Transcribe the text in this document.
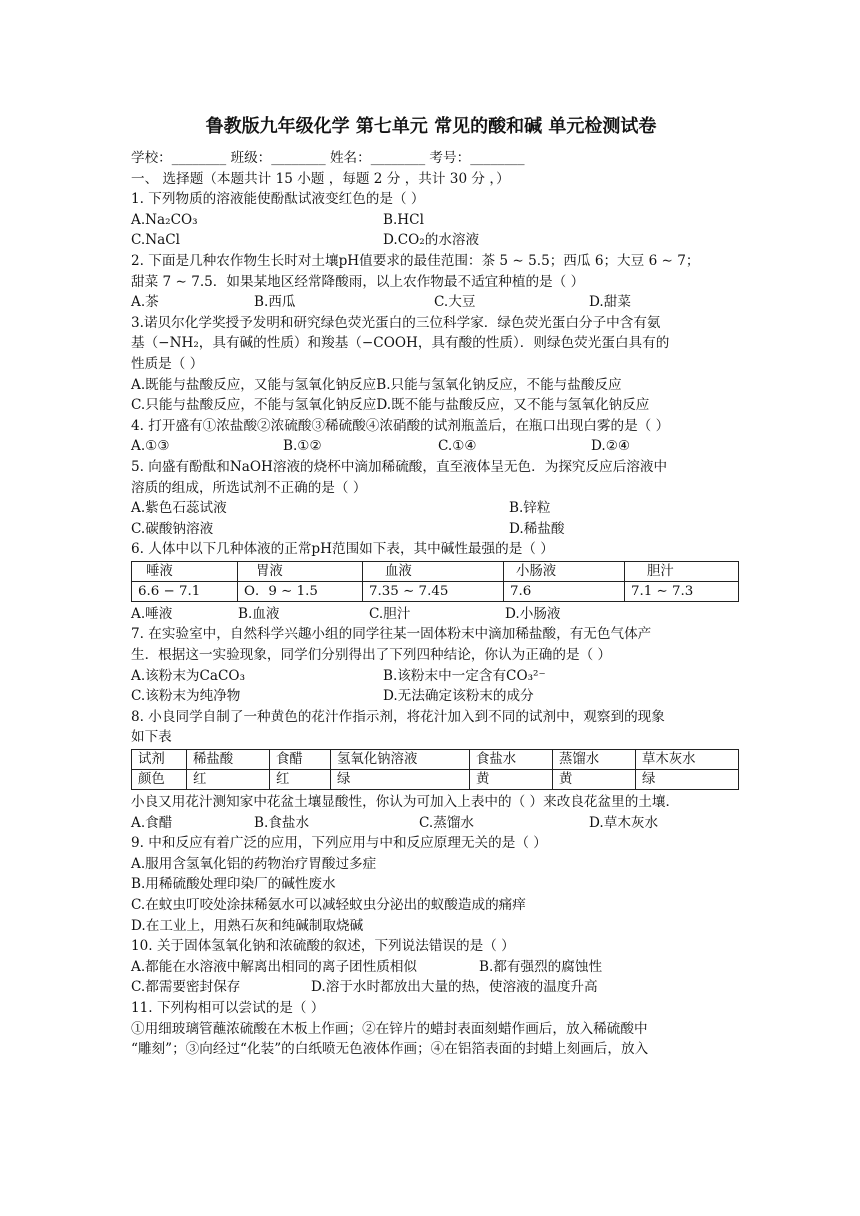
鲁教版九年级化学 第七单元 常见的酸和碱 单元检测试卷
学校：________ 班级：________ 姓名：________ 考号：________
一、 选择题（本题共计 15 小题 ，每题 2 分 ，共计 30 分 ，）
1. 下列物质的溶液能使酚酞试液变红色的是（ ）
A.Na₂CO₃	B.HCl
C.NaCl	D.CO₂的水溶液
2. 下面是几种农作物生长时对土壤pH值要求的最佳范围：茶 5 ∼ 5.5；西瓜 6；大豆 6 ∼ 7；
甜菜 7 ∼ 7.5．如果某地区经常降酸雨，以上农作物最不适宜种植的是（ ）
A.茶	B.西瓜	C.大豆	D.甜菜
3.诺贝尔化学奖授予发明和研究绿色荧光蛋白的三位科学家．绿色荧光蛋白分子中含有氨
基（−NH₂，具有碱的性质）和羧基（−COOH，具有酸的性质）．则绿色荧光蛋白具有的
性质是（ ）
A.既能与盐酸反应，又能与氢氧化钠反应B.只能与氢氧化钠反应，不能与盐酸反应
C.只能与盐酸反应，不能与氢氧化钠反应D.既不能与盐酸反应，又不能与氢氧化钠反应
4. 打开盛有①浓盐酸②浓硫酸③稀硫酸④浓硝酸的试剂瓶盖后，在瓶口出现白雾的是（ ）
A.①③	B.①②	C.①④	D.②④
5. 向盛有酚酞和NaOH溶液的烧杯中滴加稀硫酸，直至液体呈无色．为探究反应后溶液中
溶质的组成，所选试剂不正确的是（ ）
A.紫色石蕊试液	B.锌粒
C.碳酸钠溶液	D.稀盐酸
6. 人体中以下几种体液的正常pH范围如下表，其中碱性最强的是（ ）
唾液	胃液	血液	小肠液	胆汁
6.6 − 7.1	O．9 ∼ 1.5	7.35 ∼ 7.45	7.6	7.1 ∼ 7.3
A.唾液	B.血液	C.胆汁	D.小肠液
7. 在实验室中，自然科学兴趣小组的同学往某一固体粉末中滴加稀盐酸，有无色气体产
生．根据这一实验现象，同学们分别得出了下列四种结论，你认为正确的是（ ）
A.该粉末为CaCO₃	B.该粉末中一定含有CO₃²⁻
C.该粉末为纯净物	D.无法确定该粉末的成分
8. 小良同学自制了一种黄色的花汁作指示剂，将花汁加入到不同的试剂中，观察到的现象
如下表
试剂	稀盐酸	食醋	氢氧化钠溶液	食盐水	蒸馏水	草木灰水
颜色	红	红	绿	黄	黄	绿
小良又用花汁测知家中花盆土壤显酸性，你认为可加入上表中的（ ）来改良花盆里的土壤．
A.食醋	B.食盐水	C.蒸馏水	D.草木灰水
9. 中和反应有着广泛的应用，下列应用与中和反应原理无关的是（ ）
A.服用含氢氧化铝的药物治疗胃酸过多症
B.用稀硫酸处理印染厂的碱性废水
C.在蚊虫叮咬处涂抹稀氨水可以减轻蚊虫分泌出的蚁酸造成的痛痒
D.在工业上，用熟石灰和纯碱制取烧碱
10. 关于固体氢氧化钠和浓硫酸的叙述，下列说法错误的是（ ）
A.都能在水溶液中解离出相同的离子团性质相似	B.都有强烈的腐蚀性
C.都需要密封保存	D.溶于水时都放出大量的热，使溶液的温度升高
11. 下列构相可以尝试的是（ ）
①用细玻璃管蘸浓硫酸在木板上作画；②在锌片的蜡封表面刻蜡作画后，放入稀硫酸中
“雕刻”；③向经过“化装”的白纸喷无色液体作画；④在铝箔表面的封蜡上刻画后，放入
